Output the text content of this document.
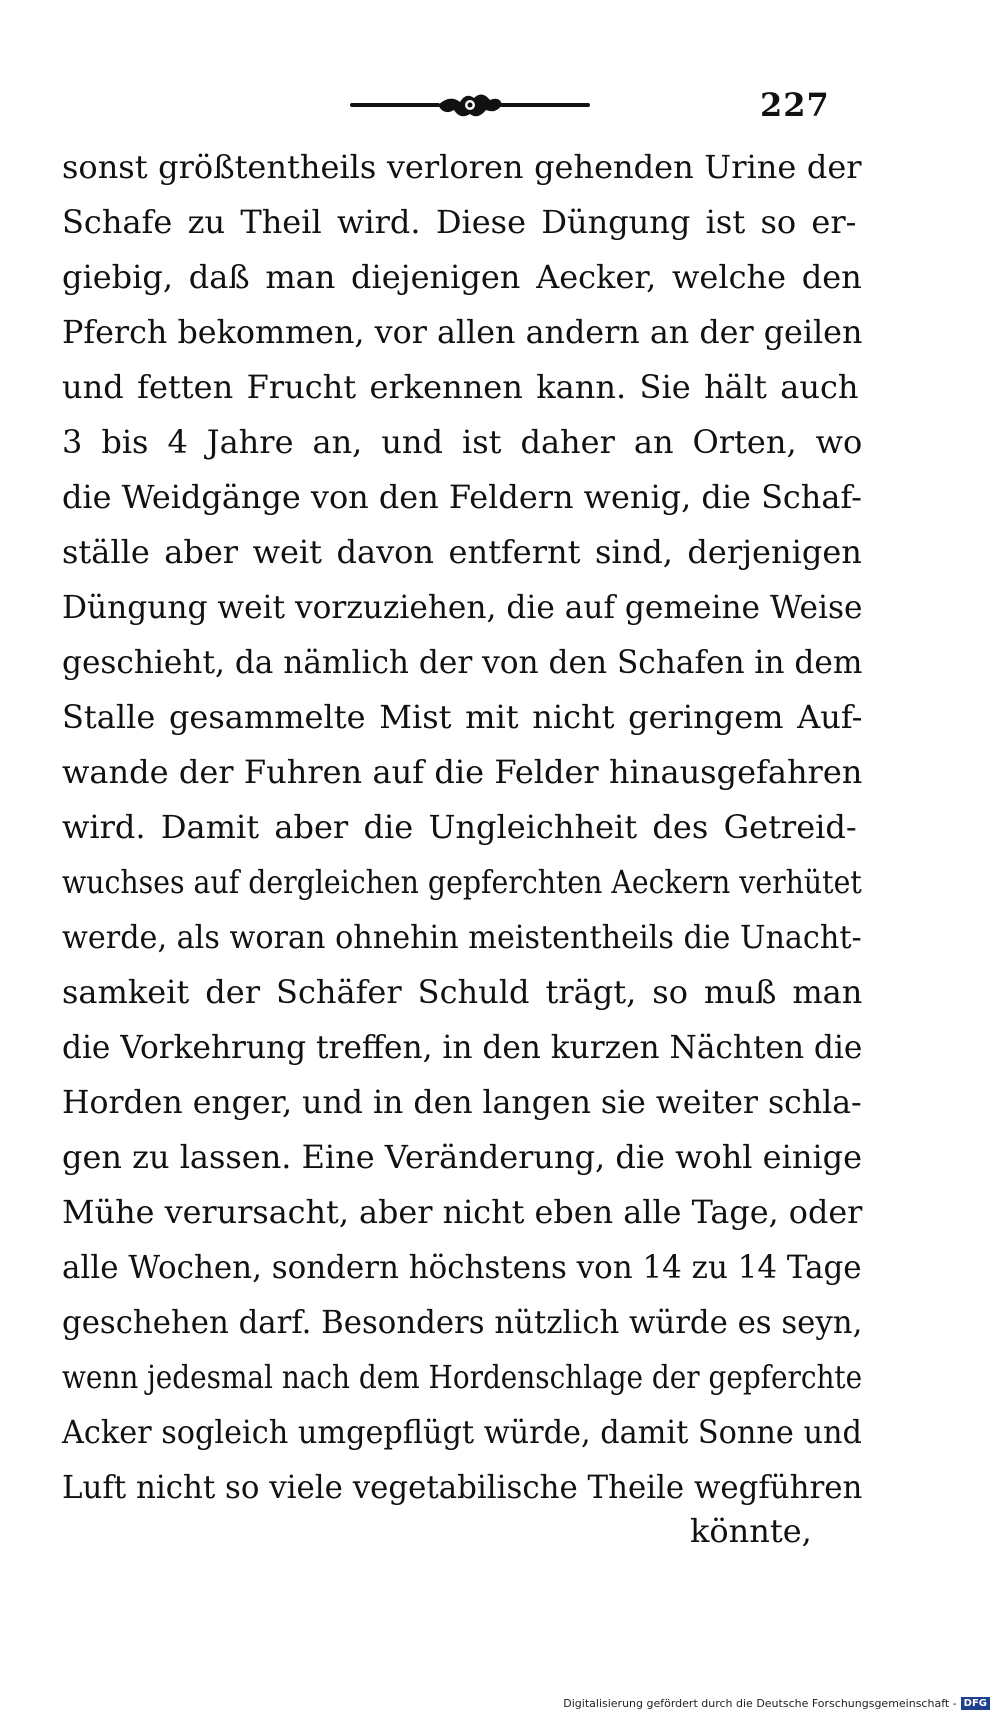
227
sonst größtentheils verloren gehenden Urine der
Schafe zu Theil wird. Diese Düngung ist so er-
giebig, daß man diejenigen Aecker, welche den
Pferch bekommen, vor allen andern an der geilen
und fetten Frucht erkennen kann. Sie hält auch
3 bis 4 Jahre an, und ist daher an Orten, wo
die Weidgänge von den Feldern wenig, die Schaf-
ställe aber weit davon entfernt sind, derjenigen
Düngung weit vorzuziehen, die auf gemeine Weise
geschieht, da nämlich der von den Schafen in dem
Stalle gesammelte Mist mit nicht geringem Auf-
wande der Fuhren auf die Felder hinausgefahren
wird. Damit aber die Ungleichheit des Getreid-
wuchses auf dergleichen gepferchten Aeckern verhütet
werde, als woran ohnehin meistentheils die Unacht-
samkeit der Schäfer Schuld trägt, so muß man
die Vorkehrung treffen, in den kurzen Nächten die
Horden enger, und in den langen sie weiter schla-
gen zu lassen. Eine Veränderung, die wohl einige
Mühe verursacht, aber nicht eben alle Tage, oder
alle Wochen, sondern höchstens von 14 zu 14 Tage
geschehen darf. Besonders nützlich würde es seyn,
wenn jedesmal nach dem Hordenschlage der gepferchte
Acker sogleich umgepflügt würde, damit Sonne und
Luft nicht so viele vegetabilische Theile wegführen
könnte,
Digitalisierung gefördert durch die Deutsche Forschungsgemeinschaft - DFG
